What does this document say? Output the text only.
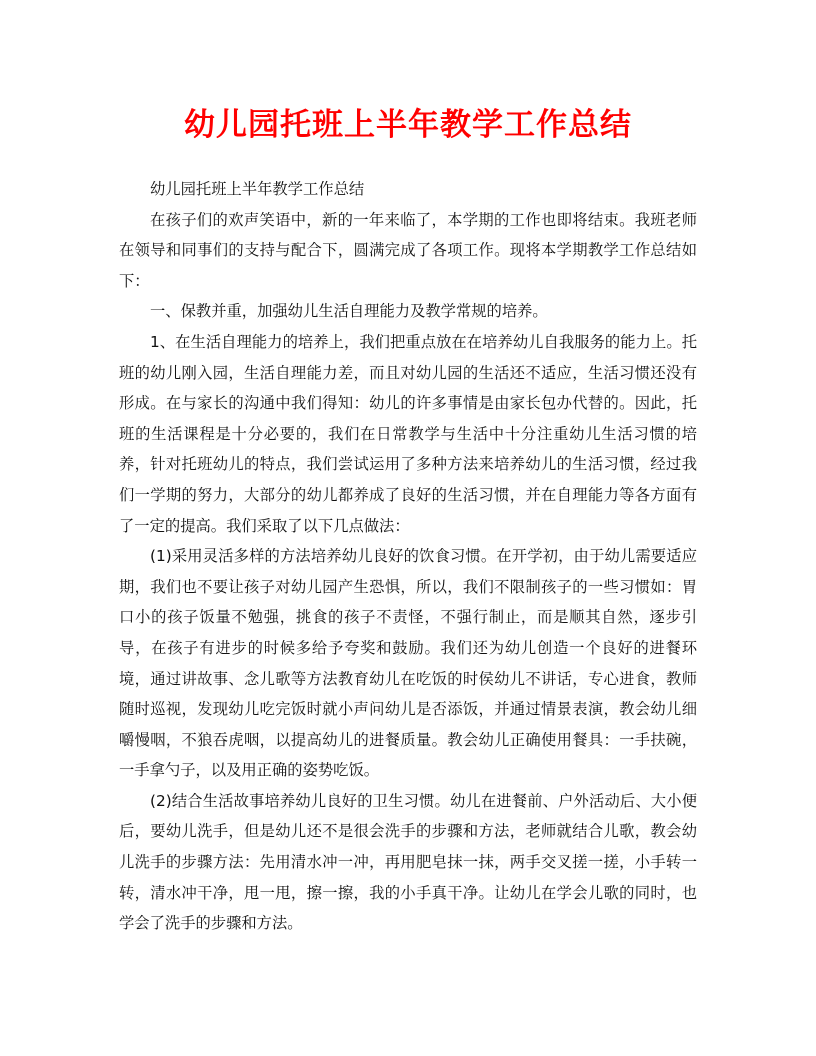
幼儿园托班上半年教学工作总结

幼儿园托班上半年教学工作总结

在孩子们的欢声笑语中，新的一年来临了，本学期的工作也即将结束。我班老师在领导和同事们的支持与配合下，圆满完成了各项工作。现将本学期教学工作总结如下：

一、保教并重，加强幼儿生活自理能力及教学常规的培养。

1、在生活自理能力的培养上，我们把重点放在在培养幼儿自我服务的能力上。托班的幼儿刚入园，生活自理能力差，而且对幼儿园的生活还不适应，生活习惯还没有形成。在与家长的沟通中我们得知：幼儿的许多事情是由家长包办代替的。因此，托班的生活课程是十分必要的，我们在日常教学与生活中十分注重幼儿生活习惯的培养，针对托班幼儿的特点，我们尝试运用了多种方法来培养幼儿的生活习惯，经过我们一学期的努力，大部分的幼儿都养成了良好的生活习惯，并在自理能力等各方面有了一定的提高。我们采取了以下几点做法：

(1)采用灵活多样的方法培养幼儿良好的饮食习惯。在开学初，由于幼儿需要适应期，我们也不要让孩子对幼儿园产生恐惧，所以，我们不限制孩子的一些习惯如：胃口小的孩子饭量不勉强，挑食的孩子不责怪，不强行制止，而是顺其自然，逐步引导，在孩子有进步的时候多给予夸奖和鼓励。我们还为幼儿创造一个良好的进餐环境，通过讲故事、念儿歌等方法教育幼儿在吃饭的时侯幼儿不讲话，专心进食，教师随时巡视，发现幼儿吃完饭时就小声问幼儿是否添饭，并通过情景表演，教会幼儿细嚼慢咽，不狼吞虎咽，以提高幼儿的进餐质量。教会幼儿正确使用餐具：一手扶碗，一手拿勺子，以及用正确的姿势吃饭。

(2)结合生活故事培养幼儿良好的卫生习惯。幼儿在进餐前、户外活动后、大小便后，要幼儿洗手，但是幼儿还不是很会洗手的步骤和方法，老师就结合儿歌，教会幼儿洗手的步骤方法：先用清水冲一冲，再用肥皂抹一抹，两手交叉搓一搓，小手转一转，清水冲干净，甩一甩，擦一擦，我的小手真干净。让幼儿在学会儿歌的同时，也学会了洗手的步骤和方法。
